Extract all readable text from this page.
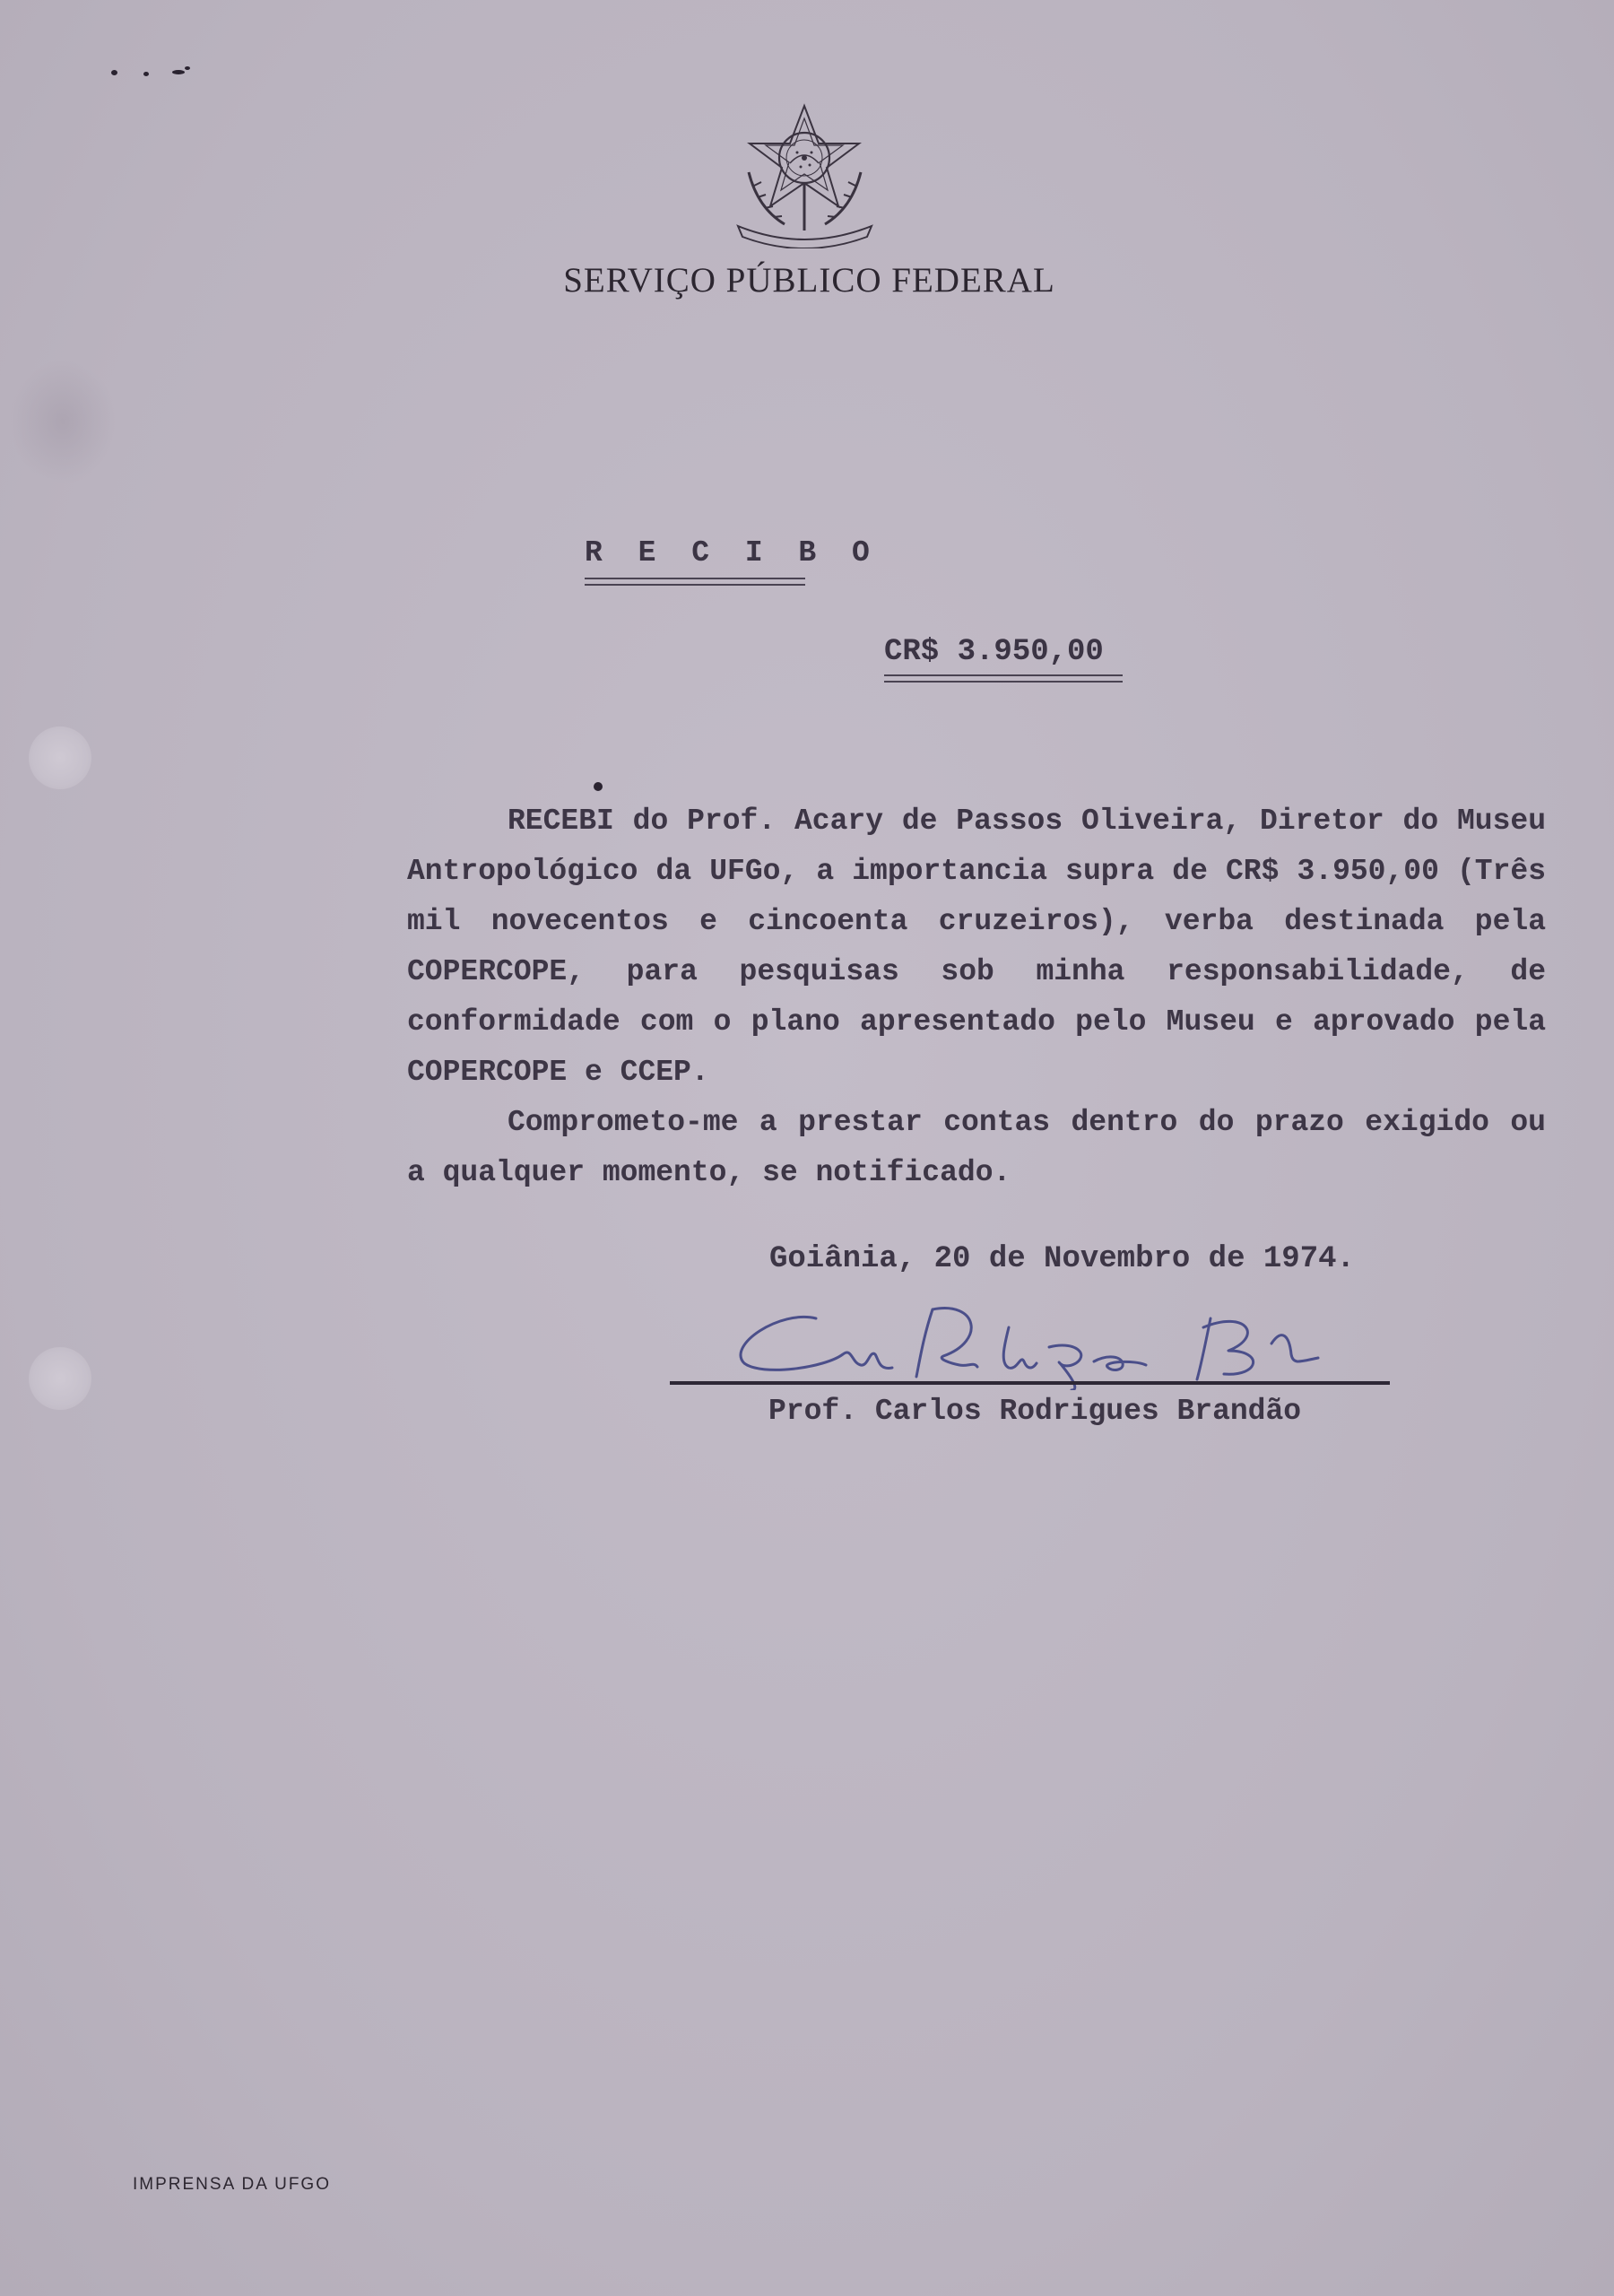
SERVIÇO PÚBLICO FEDERAL
R E C I B O
CR$ 3.950,00

RECEBI do Prof. Acary de Passos Oliveira, Diretor do Museu Antropológico da UFGo, a importancia supra de CR$ 3.950,00 (Três mil novecentos e cincoenta cruzeiros), verba destinada pela COPERCOPE, para pesquisas sob minha responsabilidade, de conformidade com o plano apresentado pelo Museu e aprovado pela COPERCOPE e CCEP.

Comprometo-me a prestar contas dentro do prazo exigido ou a qualquer momento, se notificado.

Goiânia, 20 de Novembro de 1974.
Prof. Carlos Rodrigues Brandão
IMPRENSA DA UFGO
